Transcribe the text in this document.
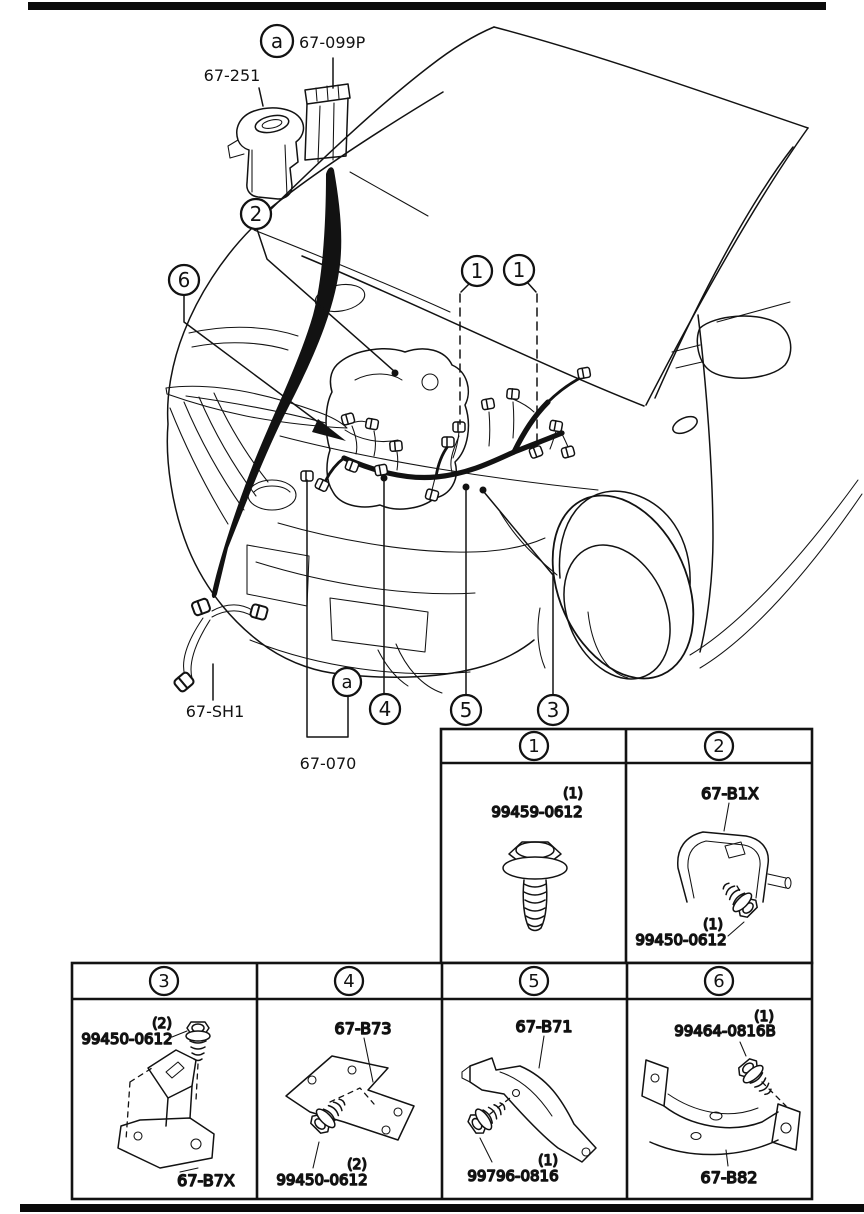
a
2
6	1 1
a
4	5	3
67-099P
67-251
67-SH1
67-070
1	2
3	4	5	6
(1)
99459-0612
67-B1X
(1)
99450-0612
(2)
99450-0612
67-B7X
67-B73
(2)
99450-0612
67-B71
(1)
99796-0816
(1)
99464-0816B
67-B82
